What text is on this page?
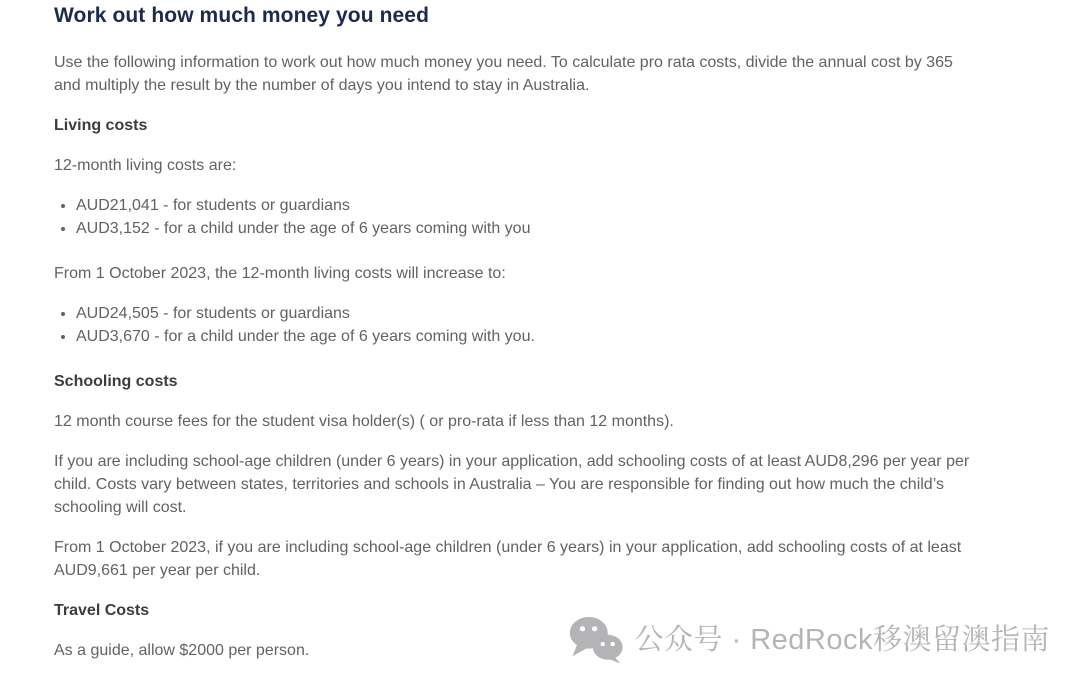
Work out how much money you need

Use the following information to work out how much money you need. To calculate pro rata costs, divide the annual cost by 365 and multiply the result by the number of days you intend to stay in Australia.

Living costs

12-month living costs are:

• AUD21,041 - for students or guardians
• AUD3,152 - for a child under the age of 6 years coming with you

From 1 October 2023, the 12-month living costs will increase to:

• AUD24,505 - for students or guardians
• AUD3,670 - for a child under the age of 6 years coming with you.
Schooling costs

12 month course fees for the student visa holder(s) ( or pro-rata if less than 12 months).

If you are including school-age children (under 6 years) in your application, add schooling costs of at least AUD8,296 per year per child. Costs vary between states, territories and schools in Australia – You are responsible for finding out how much the child’s schooling will cost.

From 1 October 2023, if you are including school-age children (under 6 years) in your application, add schooling costs of at least AUD9,661 per year per child.

Travel Costs

As a guide, allow $2000 per person.	公众号 · RedRock移澳留澳指南
